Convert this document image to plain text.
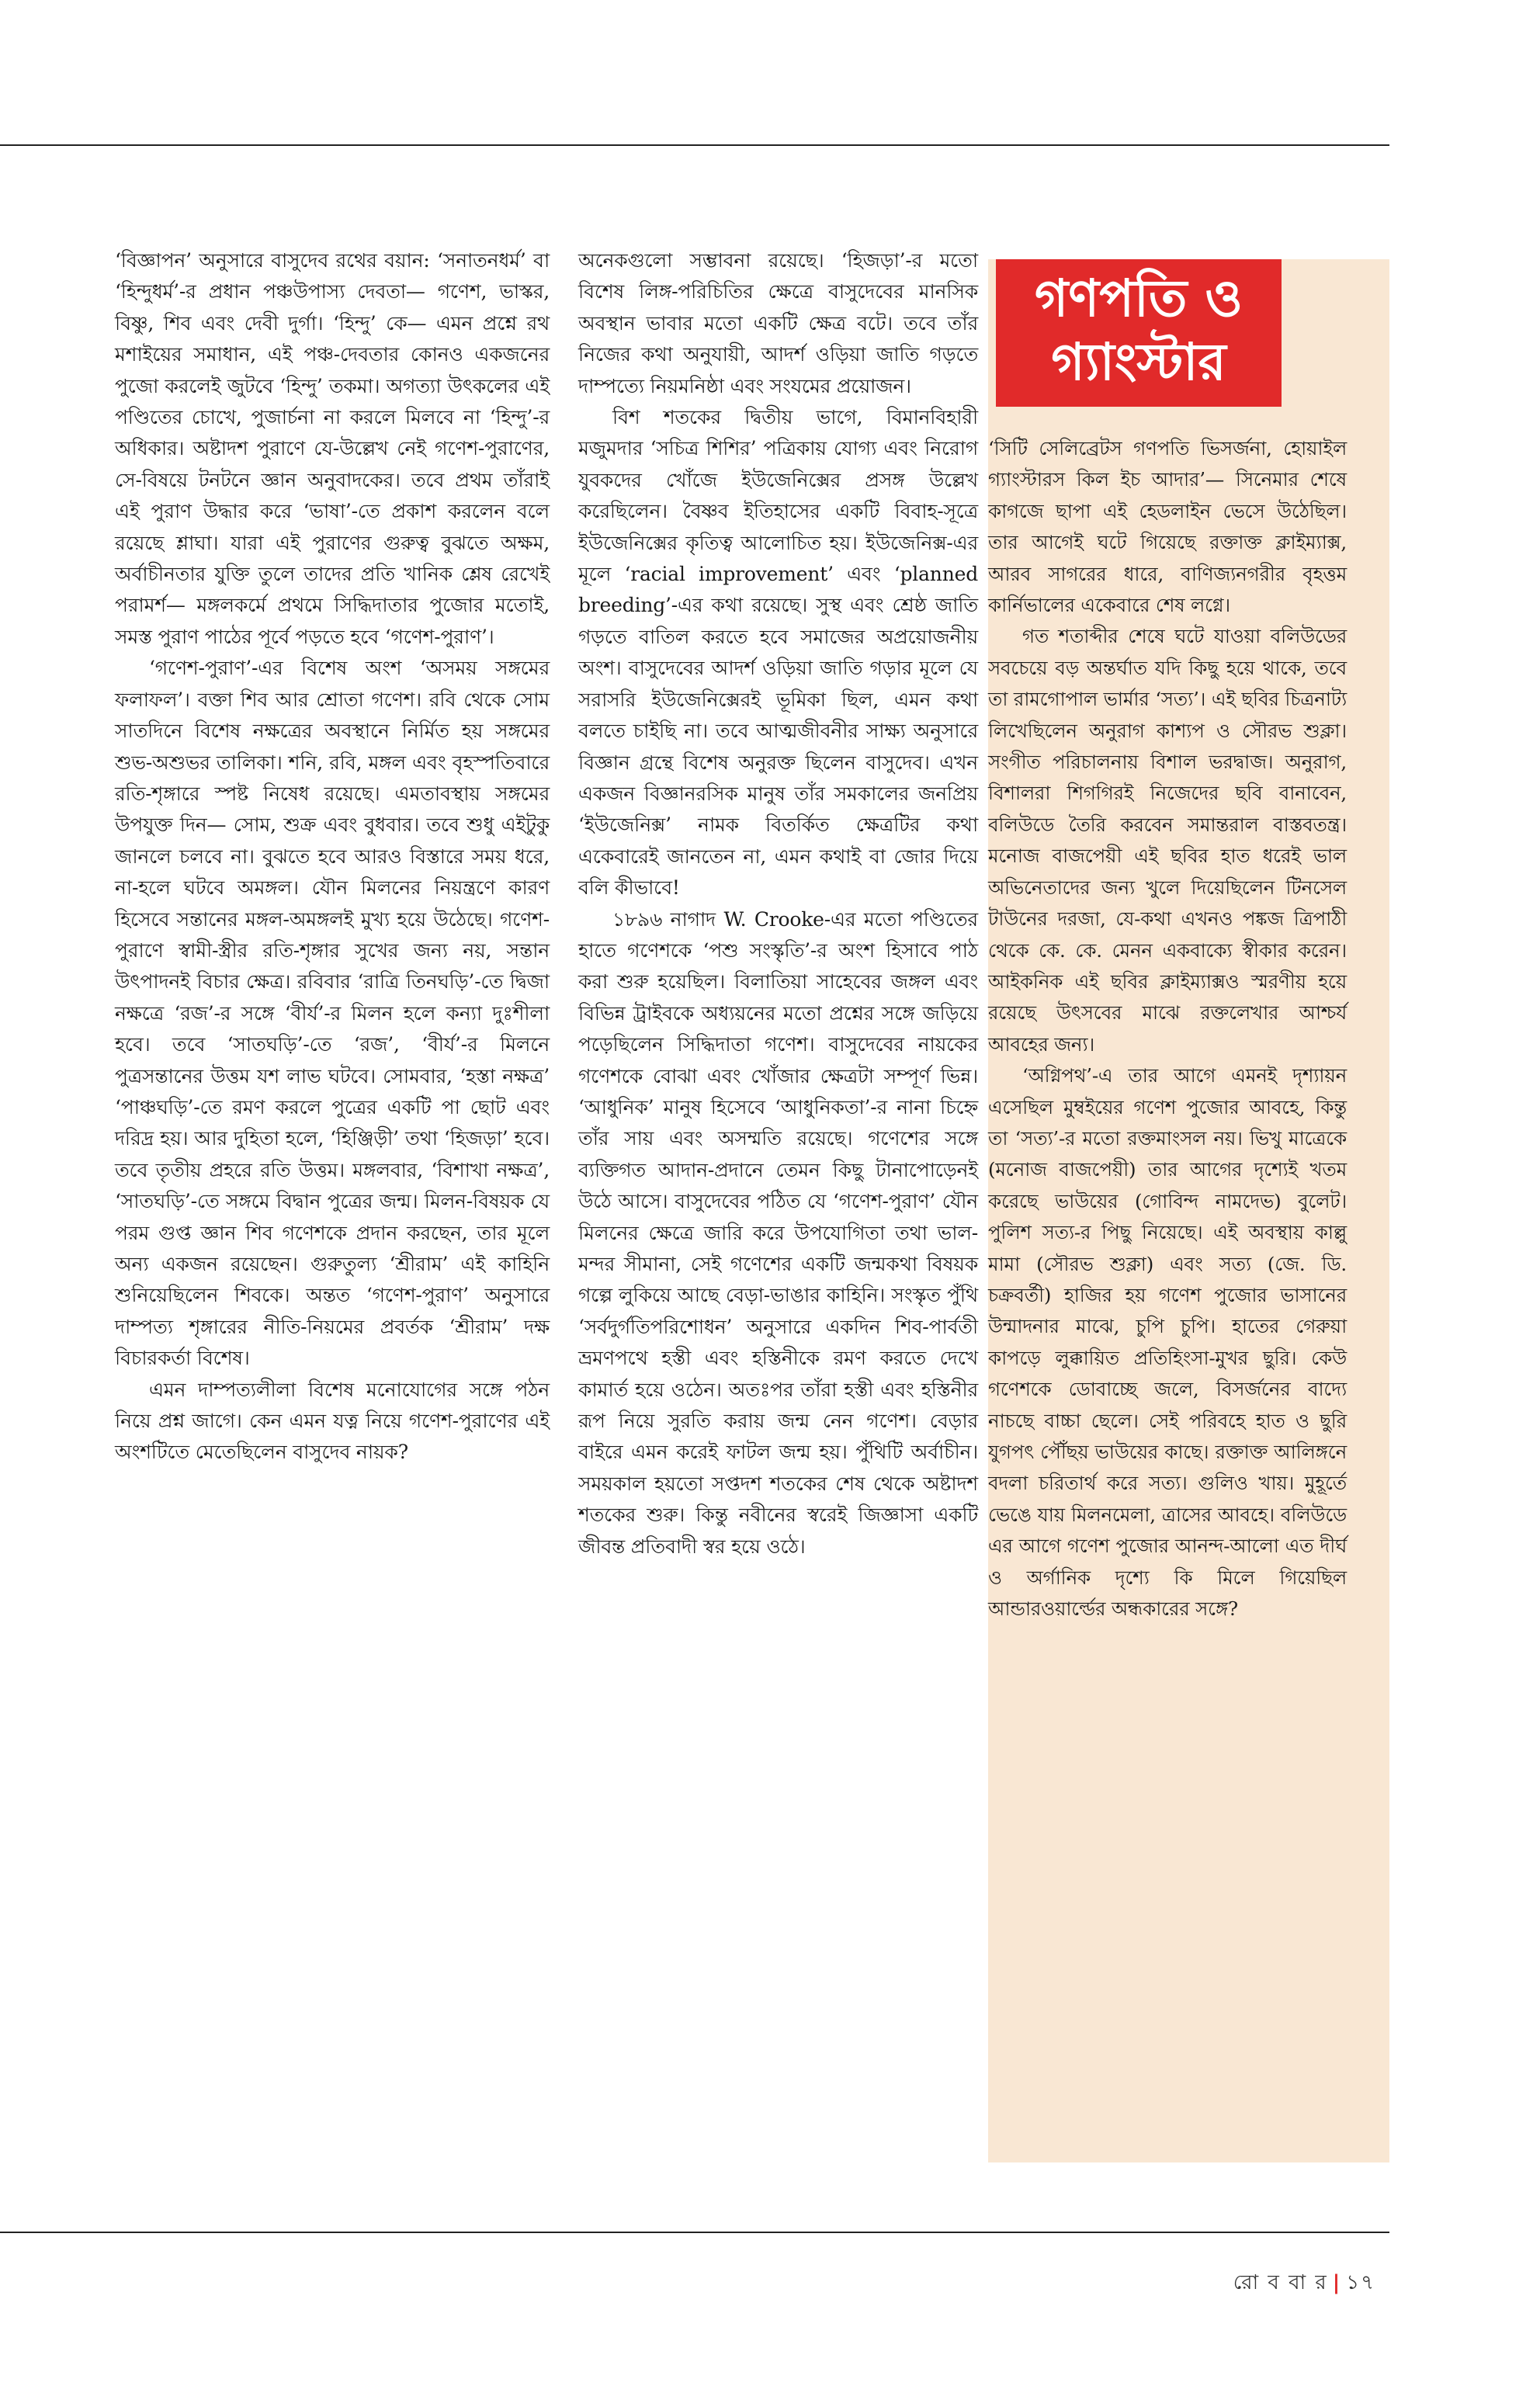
‘বিজ্ঞাপন’ অনুসারে বাসুদেব রথের বয়ান: ‘সনাতনধর্ম’ বা ‘হিন্দুধর্ম’-র প্রধান পঞ্চউপাস্য দেবতা— গণেশ, ভাস্কর, বিষ্ণু, শিব এবং দেবী দুর্গা। ‘হিন্দু’ কে— এমন প্রশ্নে রথ মশাইয়ের সমাধান, এই পঞ্চ-দেবতার কোনও একজনের পুজো করলেই জুটবে ‘হিন্দু’ তকমা। অগত্যা উৎকলের এই পণ্ডিতের চোখে, পুজার্চনা না করলে মিলবে না ‘হিন্দু’-র অধিকার। অষ্টাদশ পুরাণে যে-উল্লেখ নেই গণেশ-পুরাণের, সে-বিষয়ে টনটনে জ্ঞান অনুবাদকের। তবে প্রথম তাঁরাই এই পুরাণ উদ্ধার করে ‘ভাষা’-তে প্রকাশ করলেন বলে রয়েছে শ্লাঘা। যারা এই পুরাণের গুরুত্ব বুঝতে অক্ষম, অর্বাচীনতার যুক্তি তুলে তাদের প্রতি খানিক শ্লেষ রেখেই পরামর্শ— মঙ্গলকর্মে প্রথমে সিদ্ধিদাতার পুজোর মতোই, সমস্ত পুরাণ পাঠের পূর্বে পড়তে হবে ‘গণেশ-পুরাণ’।

‘গণেশ-পুরাণ’-এর বিশেষ অংশ ‘অসময় সঙ্গমের ফলাফল’। বক্তা শিব আর শ্রোতা গণেশ। রবি থেকে সোম সাতদিনে বিশেষ নক্ষত্রের অবস্থানে নির্মিত হয় সঙ্গমের শুভ-অশুভর তালিকা। শনি, রবি, মঙ্গল এবং বৃহস্পতিবারে রতি-শৃঙ্গারে স্পষ্ট নিষেধ রয়েছে। এমতাবস্থায় সঙ্গমের উপযুক্ত দিন— সোম, শুক্র এবং বুধবার। তবে শুধু এইটুকু জানলে চলবে না। বুঝতে হবে আরও বিস্তারে সময় ধরে, না-হলে ঘটবে অমঙ্গল। যৌন মিলনের নিয়ন্ত্রণে কারণ হিসেবে সন্তানের মঙ্গল-অমঙ্গলই মুখ্য হয়ে উঠেছে। গণেশ-পুরাণে স্বামী-স্ত্রীর রতি-শৃঙ্গার সুখের জন্য নয়, সন্তান উৎপাদনই বিচার ক্ষেত্র। রবিবার ‘রাত্রি তিনঘড়ি’-তে দ্বিজা নক্ষত্রে ‘রজ’-র সঙ্গে ‘বীর্য’-র মিলন হলে কন্যা দুঃশীলা হবে। তবে ‘সাতঘড়ি’-তে ‘রজ’, ‘বীর্য’-র মিলনে পুত্রসন্তানের উত্তম যশ লাভ ঘটবে। সোমবার, ‘হস্তা নক্ষত্র’ ‘পাঞ্চঘড়ি’-তে রমণ করলে পুত্রের একটি পা ছোট এবং দরিদ্র হয়। আর দুহিতা হলে, ‘হিঞ্জিড়ী’ তথা ‘হিজড়া’ হবে। তবে তৃতীয় প্রহরে রতি উত্তম। মঙ্গলবার, ‘বিশাখা নক্ষত্র’, ‘সাতঘড়ি’-তে সঙ্গমে বিদ্বান পুত্রের জন্ম। মিলন-বিষয়ক যে পরম গুপ্ত জ্ঞান শিব গণেশকে প্রদান করছেন, তার মূলে অন্য একজন রয়েছেন। গুরুতুল্য ‘শ্রীরাম’ এই কাহিনি শুনিয়েছিলেন শিবকে। অন্তত ‘গণেশ-পুরাণ’ অনুসারে দাম্পত্য শৃঙ্গারের নীতি-নিয়মের প্রবর্তক ‘শ্রীরাম’ দক্ষ বিচারকর্তা বিশেষ।

এমন দাম্পত্যলীলা বিশেষ মনোযোগের সঙ্গে পঠন নিয়ে প্রশ্ন জাগে। কেন এমন যত্ন নিয়ে গণেশ-পুরাণের এই অংশটিতে মেতেছিলেন বাসুদেব নায়ক?

অনেকগুলো সম্ভাবনা রয়েছে। ‘হিজড়া’-র মতো বিশেষ লিঙ্গ-পরিচিতির ক্ষেত্রে বাসুদেবের মানসিক অবস্থান ভাবার মতো একটি ক্ষেত্র বটে। তবে তাঁর নিজের কথা অনুযায়ী, আদর্শ ওড়িয়া জাতি গড়তে দাম্পত্যে নিয়মনিষ্ঠা এবং সংযমের প্রয়োজন।

বিশ শতকের দ্বিতীয় ভাগে, বিমানবিহারী মজুমদার ‘সচিত্র শিশির’ পত্রিকায় যোগ্য এবং নিরোগ যুবকদের খোঁজে ইউজেনিক্সের প্রসঙ্গ উল্লেখ করেছিলেন। বৈষ্ণব ইতিহাসের একটি বিবাহ-সূত্রে ইউজেনিক্সের কৃতিত্ব আলোচিত হয়। ইউজেনিক্স-এর মূলে ‘racial improvement’ এবং ‘planned breeding’-এর কথা রয়েছে। সুস্থ এবং শ্রেষ্ঠ জাতি গড়তে বাতিল করতে হবে সমাজের অপ্রয়োজনীয় অংশ। বাসুদেবের আদর্শ ওড়িয়া জাতি গড়ার মূলে যে সরাসরি ইউজেনিক্সেরই ভূমিকা ছিল, এমন কথা বলতে চাইছি না। তবে আত্মজীবনীর সাক্ষ্য অনুসারে বিজ্ঞান গ্রন্থে বিশেষ অনুরক্ত ছিলেন বাসুদেব। এখন একজন বিজ্ঞানরসিক মানুষ তাঁর সমকালের জনপ্রিয় ‘ইউজেনিক্স’ নামক বিতর্কিত ক্ষেত্রটির কথা একেবারেই জানতেন না, এমন কথাই বা জোর দিয়ে বলি কীভাবে!

১৮৯৬ নাগাদ W. Crooke-এর মতো পণ্ডিতের হাতে গণেশকে ‘পশু সংস্কৃতি’-র অংশ হিসাবে পাঠ করা শুরু হয়েছিল। বিলাতিয়া সাহেবের জঙ্গল এবং বিভিন্ন ট্রাইবকে অধ্যয়নের মতো প্রশ্নের সঙ্গে জড়িয়ে পড়েছিলেন সিদ্ধিদাতা গণেশ। বাসুদেবের নায়কের গণেশকে বোঝা এবং খোঁজার ক্ষেত্রটা সম্পূর্ণ ভিন্ন। ‘আধুনিক’ মানুষ হিসেবে ‘আধুনিকতা’-র নানা চিহ্নে তাঁর সায় এবং অসম্মতি রয়েছে। গণেশের সঙ্গে ব্যক্তিগত আদান-প্রদানে তেমন কিছু টানাপোড়েনই উঠে আসে। বাসুদেবের পঠিত যে ‘গণেশ-পুরাণ’ যৌন মিলনের ক্ষেত্রে জারি করে উপযোগিতা তথা ভাল-মন্দর সীমানা, সেই গণেশের একটি জন্মকথা বিষয়ক গল্পে লুকিয়ে আছে বেড়া-ভাঙার কাহিনি। সংস্কৃত পুঁথি ‘সর্বদুর্গতিপরিশোধন’ অনুসারে একদিন শিব-পার্বতী ভ্রমণপথে হস্তী এবং হস্তিনীকে রমণ করতে দেখে কামার্ত হয়ে ওঠেন। অতঃপর তাঁরা হস্তী এবং হস্তিনীর রূপ নিয়ে সুরতি করায় জন্ম নেন গণেশ। বেড়ার বাইরে এমন করেই ফাটল জন্ম হয়। পুঁথিটি অর্বাচীন। সময়কাল হয়তো সপ্তদশ শতকের শেষ থেকে অষ্টাদশ শতকের শুরু। কিন্তু নবীনের স্বরেই জিজ্ঞাসা একটি জীবন্ত প্রতিবাদী স্বর হয়ে ওঠে।

গণপতি ও
গ্যাংস্টার

‘সিটি সেলিব্রেটস গণপতি ভিসর্জনা, হোয়াইল গ্যাংস্টারস কিল ইচ আদার’— সিনেমার শেষে কাগজে ছাপা এই হেডলাইন ভেসে উঠেছিল। তার আগেই ঘটে গিয়েছে রক্তাক্ত ক্লাইম্যাক্স, আরব সাগরের ধারে, বাণিজ্যনগরীর বৃহত্তম কার্নিভালের একেবারে শেষ লগ্নে।

গত শতাব্দীর শেষে ঘটে যাওয়া বলিউডের সবচেয়ে বড় অন্তর্ঘাত যদি কিছু হয়ে থাকে, তবে তা রামগোপাল ভার্মার ‘সত্য’। এই ছবির চিত্রনাট্য লিখেছিলেন অনুরাগ কাশ্যপ ও সৌরভ শুক্লা। সংগীত পরিচালনায় বিশাল ভরদ্বাজ। অনুরাগ, বিশালরা শিগগিরই নিজেদের ছবি বানাবেন, বলিউডে তৈরি করবেন সমান্তরাল বাস্তবতন্ত্র। মনোজ বাজপেয়ী এই ছবির হাত ধরেই ভাল অভিনেতাদের জন্য খুলে দিয়েছিলেন টিনসেল টাউনের দরজা, যে-কথা এখনও পঙ্কজ ত্রিপাঠী থেকে কে. কে. মেনন একবাক্যে স্বীকার করেন। আইকনিক এই ছবির ক্লাইম্যাক্সও স্মরণীয় হয়ে রয়েছে উৎসবের মাঝে রক্তলেখার আশ্চর্য আবহের জন্য।

‘অগ্নিপথ’-এ তার আগে এমনই দৃশ্যায়ন এসেছিল মুম্বইয়ের গণেশ পুজোর আবহে, কিন্তু তা ‘সত্য’-র মতো রক্তমাংসল নয়। ভিখু মাত্রেকে (মনোজ বাজপেয়ী) তার আগের দৃশ্যেই খতম করেছে ভাউয়ের (গোবিন্দ নামদেভ) বুলেট। পুলিশ সত্য-র পিছু নিয়েছে। এই অবস্থায় কাল্লু মামা (সৌরভ শুক্লা) এবং সত্য (জে. ডি. চক্রবর্তী) হাজির হয় গণেশ পুজোর ভাসানের উন্মাদনার মাঝে, চুপি চুপি। হাতের গেরুয়া কাপড়ে লুক্কায়িত প্রতিহিংসা-মুখর ছুরি। কেউ গণেশকে ডোবাচ্ছে জলে, বিসর্জনের বাদ্যে নাচছে বাচ্চা ছেলে। সেই পরিবহে হাত ও ছুরি যুগপৎ পৌঁছয় ভাউয়ের কাছে। রক্তাক্ত আলিঙ্গনে বদলা চরিতার্থ করে সত্য। গুলিও খায়। মুহূর্তে ভেঙে যায় মিলনমেলা, ত্রাসের আবহে। বলিউডে এর আগে গণেশ পুজোর আনন্দ-আলো এত দীর্ঘ ও অর্গানিক দৃশ্যে কি মিলে গিয়েছিল আন্ডারওয়ার্ল্ডের অন্ধকারের সঙ্গে?

রো ব বা র | ১৭
